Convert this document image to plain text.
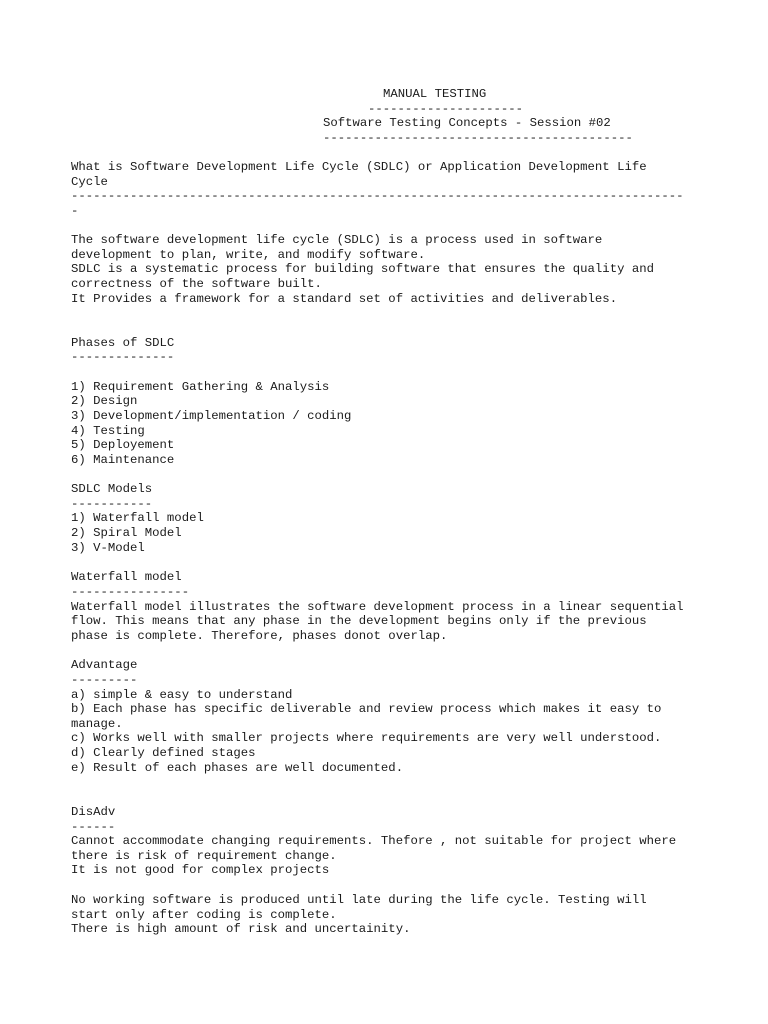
MANUAL TESTING

---------------------

Software Testing Concepts - Session #02

------------------------------------------

What is Software Development Life Cycle (SDLC) or Application Development Life

Cycle

-----------------------------------------------------------------------------------

-

The software development life cycle (SDLC) is a process used in software

development to plan, write, and modify software.

SDLC is a systematic process for building software that ensures the quality and

correctness of the software built.

It Provides a framework for a standard set of activities and deliverables.

Phases of SDLC

--------------

1) Requirement Gathering & Analysis

2) Design

3) Development/implementation / coding

4) Testing

5) Deployement

6) Maintenance

SDLC Models

-----------

1) Waterfall model

2) Spiral Model

3) V-Model

Waterfall model

----------------

Waterfall model illustrates the software development process in a linear sequential

flow. This means that any phase in the development begins only if the previous

phase is complete. Therefore, phases donot overlap.

Advantage

---------

a) simple & easy to understand

b) Each phase has specific deliverable and review process which makes it easy to

manage.

c) Works well with smaller projects where requirements are very well understood.

d) Clearly defined stages

e) Result of each phases are well documented.

DisAdv

------

Cannot accommodate changing requirements. Thefore , not suitable for project where

there is risk of requirement change.

It is not good for complex projects

No working software is produced until late during the life cycle. Testing will

start only after coding is complete.

There is high amount of risk and uncertainity.
